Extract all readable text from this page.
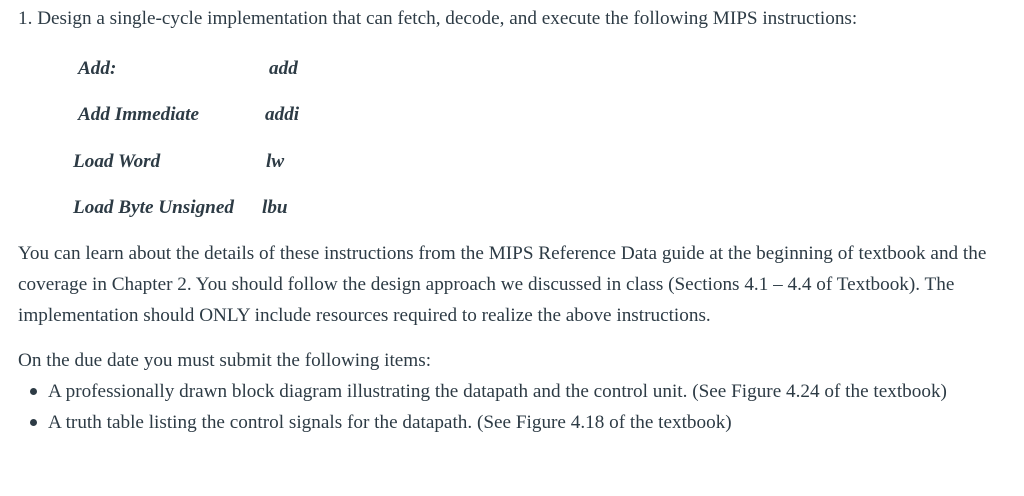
1. Design a single-cycle implementation that can fetch, decode, and execute the following MIPS instructions:
Add:	add
Add Immediate	addi
Load Word	lw
Load Byte Unsigned lbu
You can learn about the details of these instructions from the MIPS Reference Data guide at the beginning of textbook and the coverage in Chapter 2. You should follow the design approach we discussed in class (Sections 4.1 – 4.4 of Textbook). The implementation should ONLY include resources required to realize the above instructions.
On the due date you must submit the following items:
A professionally drawn block diagram illustrating the datapath and the control unit. (See Figure 4.24 of the textbook)
A truth table listing the control signals for the datapath. (See Figure 4.18 of the textbook)
